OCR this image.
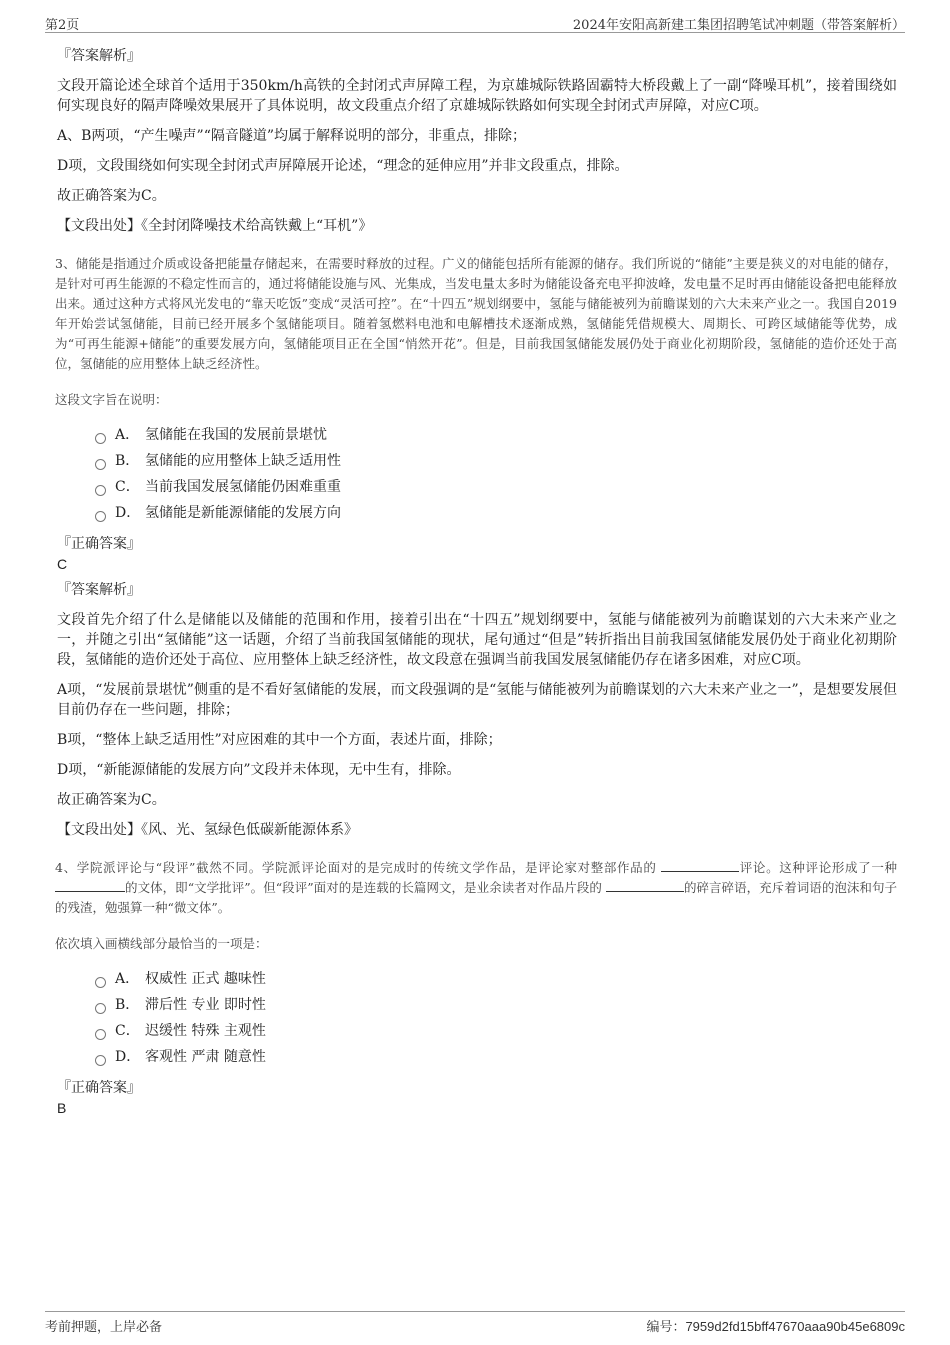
第2页	2024年安阳高新建工集团招聘笔试冲刺题（带答案解析）

『答案解析』

文段开篇论述全球首个适用于350km/h高铁的全封闭式声屏障工程，为京雄城际铁路固霸特大桥段戴上了一副“降噪耳机”，接着围绕如何实现良好的隔声降噪效果展开了具体说明，故文段重点介绍了京雄城际铁路如何实现全封闭式声屏障，对应C项。

A、B两项，“产生噪声”“隔音隧道”均属于解释说明的部分，非重点，排除；

D项，文段围绕如何实现全封闭式声屏障展开论述，“理念的延伸应用”并非文段重点，排除。

故正确答案为C。

【文段出处】《全封闭降噪技术给高铁戴上“耳机”》

3、储能是指通过介质或设备把能量存储起来，在需要时释放的过程。广义的储能包括所有能源的储存。我们所说的“储能”主要是狭义的对电能的储存，是针对可再生能源的不稳定性而言的，通过将储能设施与风、光集成，当发电量太多时为储能设备充电平抑波峰，发电量不足时再由储能设备把电能释放出来。通过这种方式将风光发电的“靠天吃饭”变成“灵活可控”。在“十四五”规划纲要中，氢能与储能被列为前瞻谋划的六大未来产业之一。我国自2019年开始尝试氢储能，目前已经开展多个氢储能项目。随着氢燃料电池和电解槽技术逐渐成熟，氢储能凭借规模大、周期长、可跨区域储能等优势，成为“可再生能源+储能”的重要发展方向，氢储能项目正在全国“悄然开花”。但是，目前我国氢储能发展仍处于商业化初期阶段，氢储能的造价还处于高位，氢储能的应用整体上缺乏经济性。

这段文字旨在说明：

A． 氢储能在我国的发展前景堪忧
B． 氢储能的应用整体上缺乏适用性
C． 当前我国发展氢储能仍困难重重
D． 氢储能是新能源储能的发展方向

『正确答案』

C

『答案解析』

文段首先介绍了什么是储能以及储能的范围和作用，接着引出在“十四五”规划纲要中，氢能与储能被列为前瞻谋划的六大未来产业之一，并随之引出“氢储能”这一话题，介绍了当前我国氢储能的现状，尾句通过“但是”转折指出目前我国氢储能发展仍处于商业化初期阶段，氢储能的造价还处于高位、应用整体上缺乏经济性，故文段意在强调当前我国发展氢储能仍存在诸多困难，对应C项。

A项，“发展前景堪忧”侧重的是不看好氢储能的发展，而文段强调的是“氢能与储能被列为前瞻谋划的六大未来产业之一”，是想要发展但目前仍存在一些问题，排除；

B项，“整体上缺乏适用性”对应困难的其中一个方面，表述片面，排除；

D项，“新能源储能的发展方向”文段并未体现，无中生有，排除。

故正确答案为C。

【文段出处】《风、光、氢绿色低碳新能源体系》

4、学院派评论与“段评”截然不同。学院派评论面对的是完成时的传统文学作品，是评论家对整部作品的	评论。这种评论形成了一种 的文体，即“文学批评”。但“段评”面对的是连载的长篇网文，是业余读者对作品片段的	的碎言碎语，充斥着词语的泡沫和句子的残渣，勉强算一种“微文体”。

依次填入画横线部分最恰当的一项是：

A． 权威性 正式 趣味性
B． 滞后性 专业 即时性
C． 迟缓性 特殊 主观性
D． 客观性 严肃 随意性

『正确答案』

B

考前押题，上岸必备	编号：7959d2fd15bff47670aaa90b45e6809c
